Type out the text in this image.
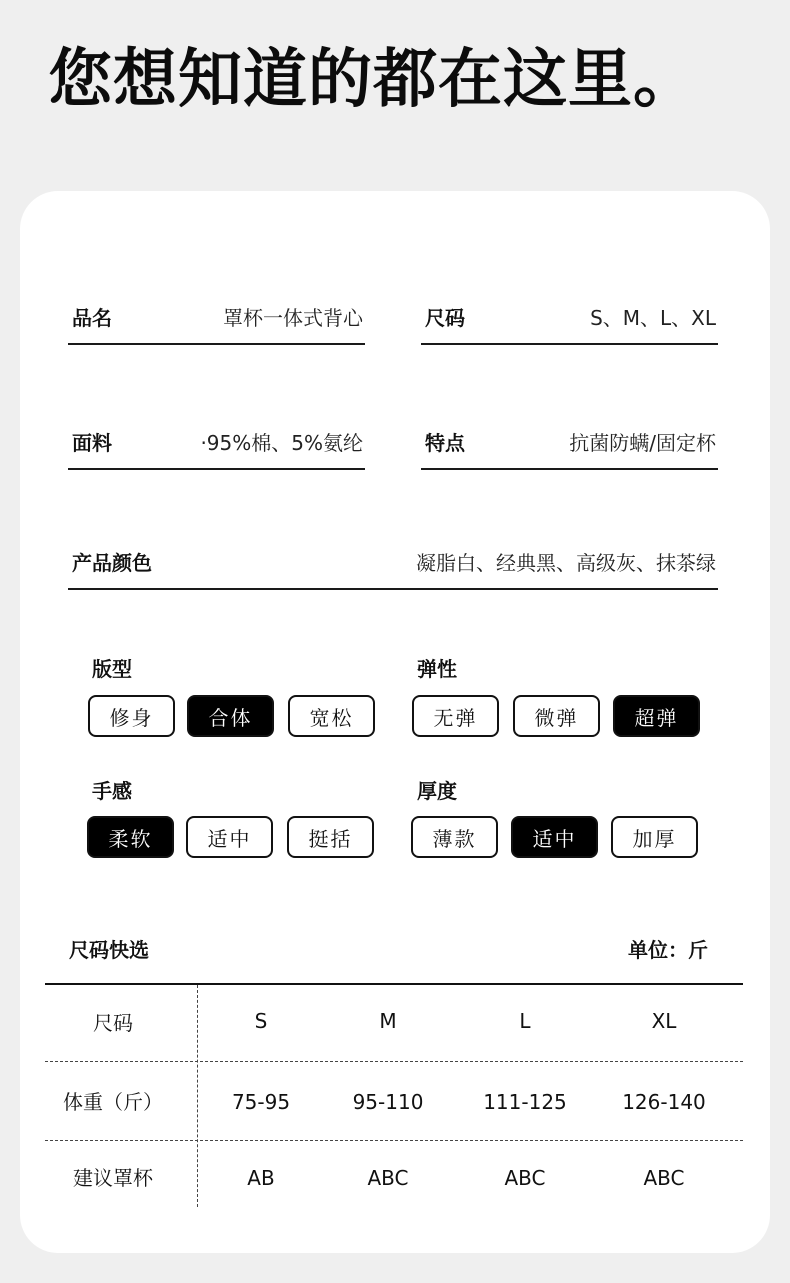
您想知道的都在这里。
品名	罩杯一体式背心	尺码	S、M、L、XL
面料	·95%棉、5%氨纶	特点	抗菌防螨/固定杯
产品颜色	凝脂白、经典黑、高级灰、抹茶绿
版型
修身	合体	宽松
弹性
无弹	微弹	超弹
手感
柔软	适中	挺括
厚度
薄款	适中	加厚
尺码快选	单位：斤
尺码	S	M	L	XL
体重（斤）	75-95	95-110	111-125	126-140
建议罩杯	AB	ABC	ABC	ABC
